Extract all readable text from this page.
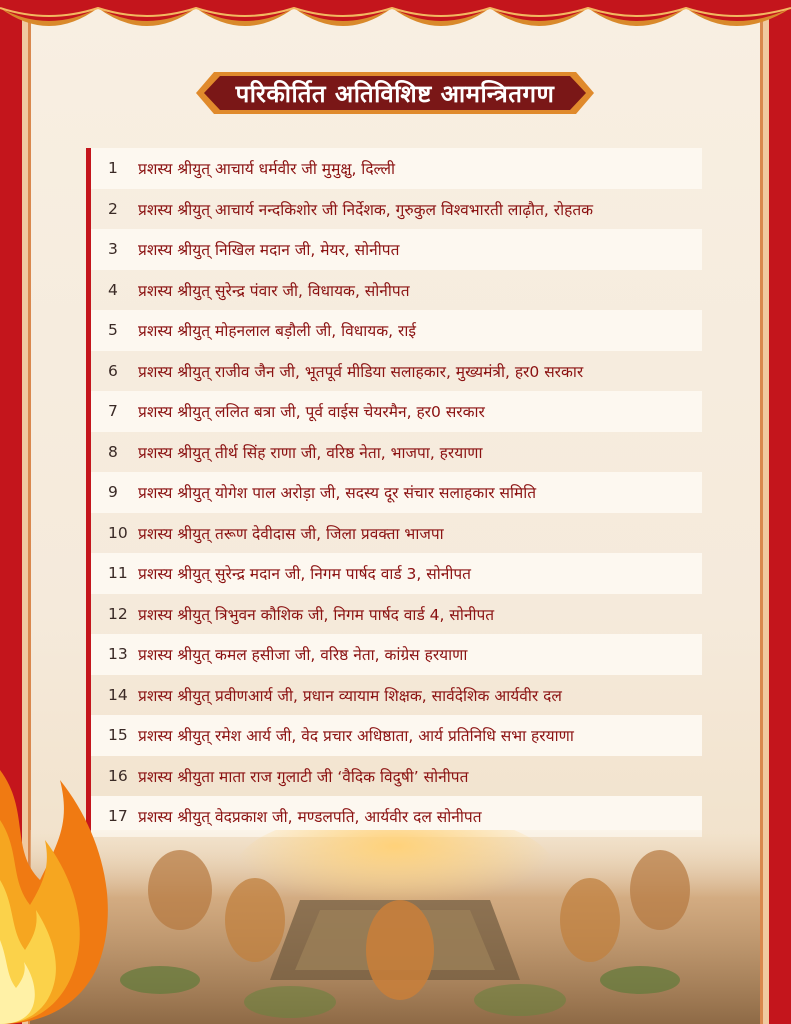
परिकीर्तित अतिविशिष्ट आमन्त्रितगण
1	प्रशस्य श्रीयुत् आचार्य धर्मवीर जी मुमुक्षु, दिल्ली
2	प्रशस्य श्रीयुत् आचार्य नन्दकिशोर जी निर्देशक, गुरुकुल विश्वभारती लाढ़ौत, रोहतक
3	प्रशस्य श्रीयुत् निखिल मदान जी, मेयर, सोनीपत
4	प्रशस्य श्रीयुत् सुरेन्द्र पंवार जी, विधायक, सोनीपत
5	प्रशस्य श्रीयुत् मोहनलाल बड़ौली जी, विधायक, राई
6	प्रशस्य श्रीयुत् राजीव जैन जी, भूतपूर्व मीडिया सलाहकार, मुख्यमंत्री, हर0 सरकार
7	प्रशस्य श्रीयुत् ललित बत्रा जी, पूर्व वाईस चेयरमैन, हर0 सरकार
8	प्रशस्य श्रीयुत् तीर्थ सिंह राणा जी, वरिष्ठ नेता, भाजपा, हरयाणा
9	प्रशस्य श्रीयुत् योगेश पाल अरोड़ा जी, सदस्य दूर संचार सलाहकार समिति
10 प्रशस्य श्रीयुत् तरूण देवीदास जी, जिला प्रवक्ता भाजपा
11 प्रशस्य श्रीयुत् सुरेन्द्र मदान जी, निगम पार्षद वार्ड 3, सोनीपत
12 प्रशस्य श्रीयुत् त्रिभुवन कौशिक जी, निगम पार्षद वार्ड 4, सोनीपत
13 प्रशस्य श्रीयुत् कमल हसीजा जी, वरिष्ठ नेता, कांग्रेस हरयाणा
14 प्रशस्य श्रीयुत् प्रवीणआर्य जी, प्रधान व्यायाम शिक्षक, सार्वदेशिक आर्यवीर दल
15 प्रशस्य श्रीयुत् रमेश आर्य जी, वेद प्रचार अधिष्ठाता, आर्य प्रतिनिधि सभा हरयाणा
16 प्रशस्य श्रीयुता माता राज गुलाटी जी ‘वैदिक विदुषी’ सोनीपत
17 प्रशस्य श्रीयुत् वेदप्रकाश जी, मण्डलपति, आर्यवीर दल सोनीपत
